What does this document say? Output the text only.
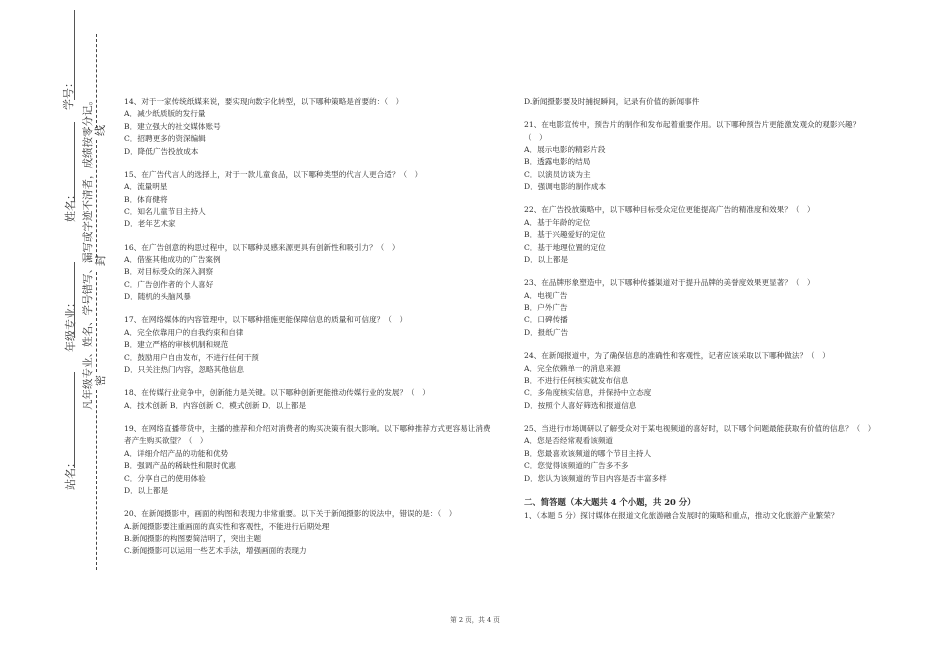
学号：
姓名：
年级专业：
站名：
凡年级专业、姓名、学号错写、漏写或字迹不清者，成绩按零分记。 密
封
线

14、对于一家传统纸媒来说，要实现向数字化转型，以下哪种策略是首要的：（　）

A．减少纸质版的发行量

B．建立强大的社交媒体账号

C．招聘更多的资深编辑

D．降低广告投放成本

15、在广告代言人的选择上，对于一款儿童食品，以下哪种类型的代言人更合适？（　）

A．流量明星

B．体育健将

C．知名儿童节目主持人

D．老年艺术家

16、在广告创意的构思过程中，以下哪种灵感来源更具有创新性和吸引力？（　）

A．借鉴其他成功的广告案例

B．对目标受众的深入洞察

C．广告创作者的个人喜好

D．随机的头脑风暴

17、在网络媒体的内容管理中，以下哪种措施更能保障信息的质量和可信度？（　）

A．完全依靠用户的自我约束和自律

B．建立严格的审核机制和规范

C．鼓励用户自由发布，不进行任何干预

D．只关注热门内容，忽略其他信息

18、在传媒行业竞争中，创新能力是关键。以下哪种创新更能推动传媒行业的发展？（　）

A．技术创新 B．内容创新 C．模式创新 D．以上都是

19、在网络直播带货中，主播的推荐和介绍对消费者的购买决策有很大影响。以下哪种推荐方式更容易让消费者产生购买欲望？（　）

A．详细介绍产品的功能和优势

B．强调产品的稀缺性和限时优惠

C．分享自己的使用体验

D．以上都是

20、在新闻摄影中，画面的构图和表现力非常重要。以下关于新闻摄影的说法中，错误的是：（　）

A.新闻摄影要注重画面的真实性和客观性，不能进行后期处理

B.新闻摄影的构图要简洁明了，突出主题

C.新闻摄影可以运用一些艺术手法，增强画面的表现力

D.新闻摄影要及时捕捉瞬间，记录有价值的新闻事件

21、在电影宣传中，预告片的制作和发布起着重要作用。以下哪种预告片更能激发观众的观影兴趣？（　）

A．展示电影的精彩片段

B．透露电影的结局

C．以演员访谈为主

D．强调电影的制作成本

22、在广告投放策略中，以下哪种目标受众定位更能提高广告的精准度和效果？（　）

A．基于年龄的定位

B．基于兴趣爱好的定位

C．基于地理位置的定位

D．以上都是

23、在品牌形象塑造中，以下哪种传播渠道对于提升品牌的美誉度效果更显著？（　）

A．电视广告

B．户外广告

C．口碑传播

D．报纸广告

24、在新闻报道中，为了确保信息的准确性和客观性，记者应该采取以下哪种做法？（　）

A．完全依赖单一的消息来源

B．不进行任何核实就发布信息

C．多角度核实信息，并保持中立态度

D．按照个人喜好筛选和报道信息

25、当进行市场调研以了解受众对于某电视频道的喜好时，以下哪个问题最能获取有价值的信息？（　）

A．您是否经常观看该频道

B．您最喜欢该频道的哪个节目主持人

C．您觉得该频道的广告多不多

D．您认为该频道的节目内容是否丰富多样

二、简答题（本大题共 4 个小题，共 20 分）

1、（本题 5 分）探讨媒体在报道文化旅游融合发展时的策略和重点，推动文化旅游产业繁荣？

第 2 页，共 4 页
